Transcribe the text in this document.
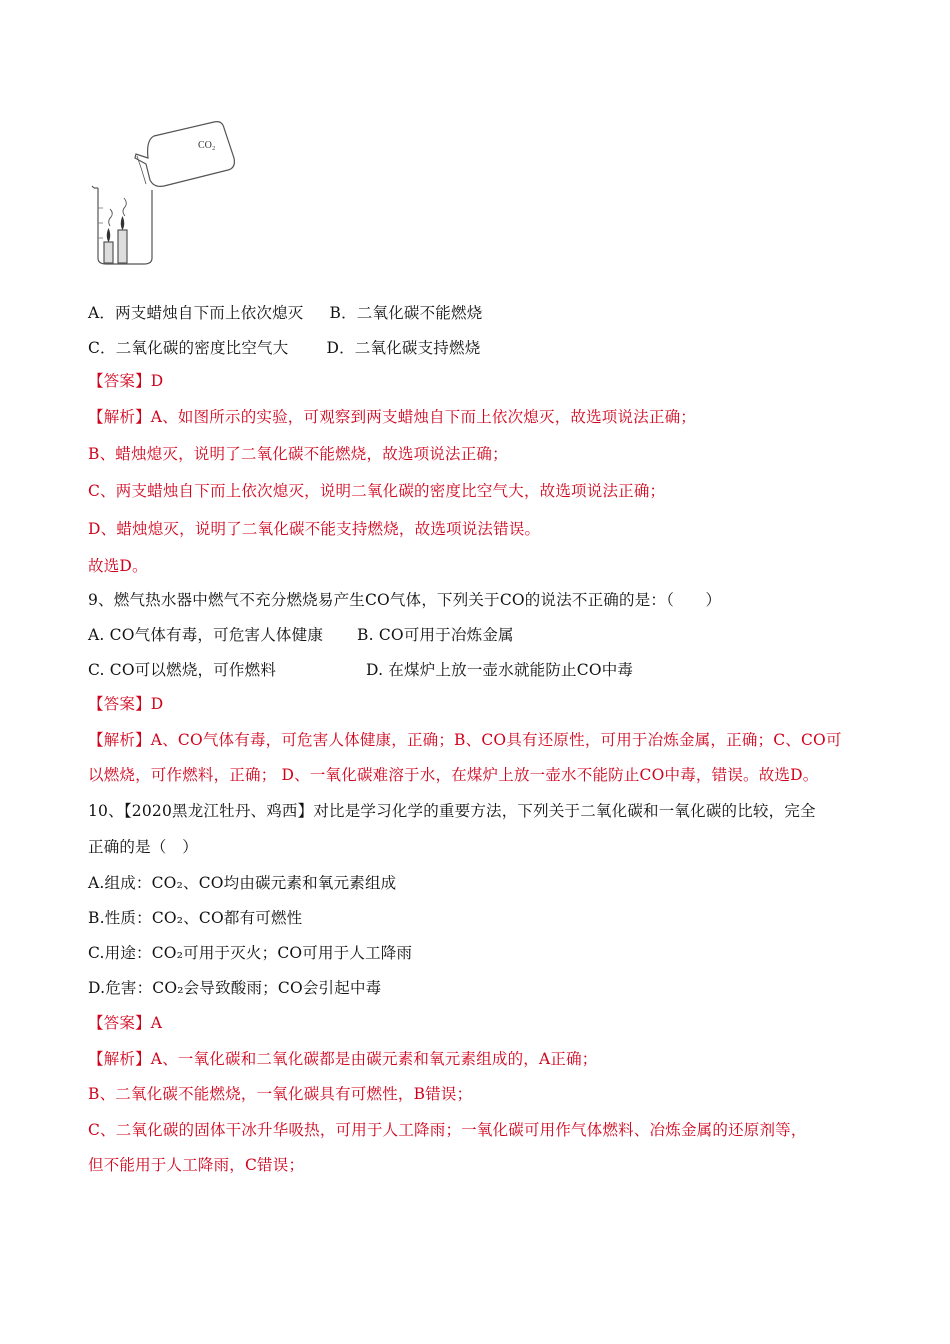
CO₂
A．两支蜡烛自下而上依次熄灭 B．二氧化碳不能燃烧
C．二氧化碳的密度比空气大 D．二氧化碳支持燃烧
【答案】D
【解析】A、如图所示的实验，可观察到两支蜡烛自下而上依次熄灭，故选项说法正确；
B、蜡烛熄灭，说明了二氧化碳不能燃烧，故选项说法正确；
C、两支蜡烛自下而上依次熄灭，说明二氧化碳的密度比空气大，故选项说法正确；
D、蜡烛熄灭，说明了二氧化碳不能支持燃烧，故选项说法错误。
故选D。
9、燃气热水器中燃气不充分燃烧易产生CO气体，下列关于CO的说法不正确的是：（　　）
A. CO气体有毒，可危害人体健康 B. CO可用于冶炼金属
C. CO可以燃烧，可作燃料	D. 在煤炉上放一壶水就能防止CO中毒
【答案】D
【解析】A、CO气体有毒，可危害人体健康，正确；B、CO具有还原性，可用于冶炼金属，正确；C、CO可
以燃烧，可作燃料，正确； D、一氧化碳难溶于水，在煤炉上放一壶水不能防止CO中毒，错误。故选D。
10、【2020黑龙江牡丹、鸡西】对比是学习化学的重要方法，下列关于二氧化碳和一氧化碳的比较，完全
正确的是（　）
A.组成：CO₂、CO均由碳元素和氧元素组成
B.性质：CO₂、CO都有可燃性
C.用途：CO₂可用于灭火；CO可用于人工降雨
D.危害：CO₂会导致酸雨；CO会引起中毒
【答案】A
【解析】A、一氧化碳和二氧化碳都是由碳元素和氧元素组成的，A正确；
B、二氧化碳不能燃烧，一氧化碳具有可燃性，B错误；
C、二氧化碳的固体干冰升华吸热，可用于人工降雨；一氧化碳可用作气体燃料、冶炼金属的还原剂等，
但不能用于人工降雨，C错误；
